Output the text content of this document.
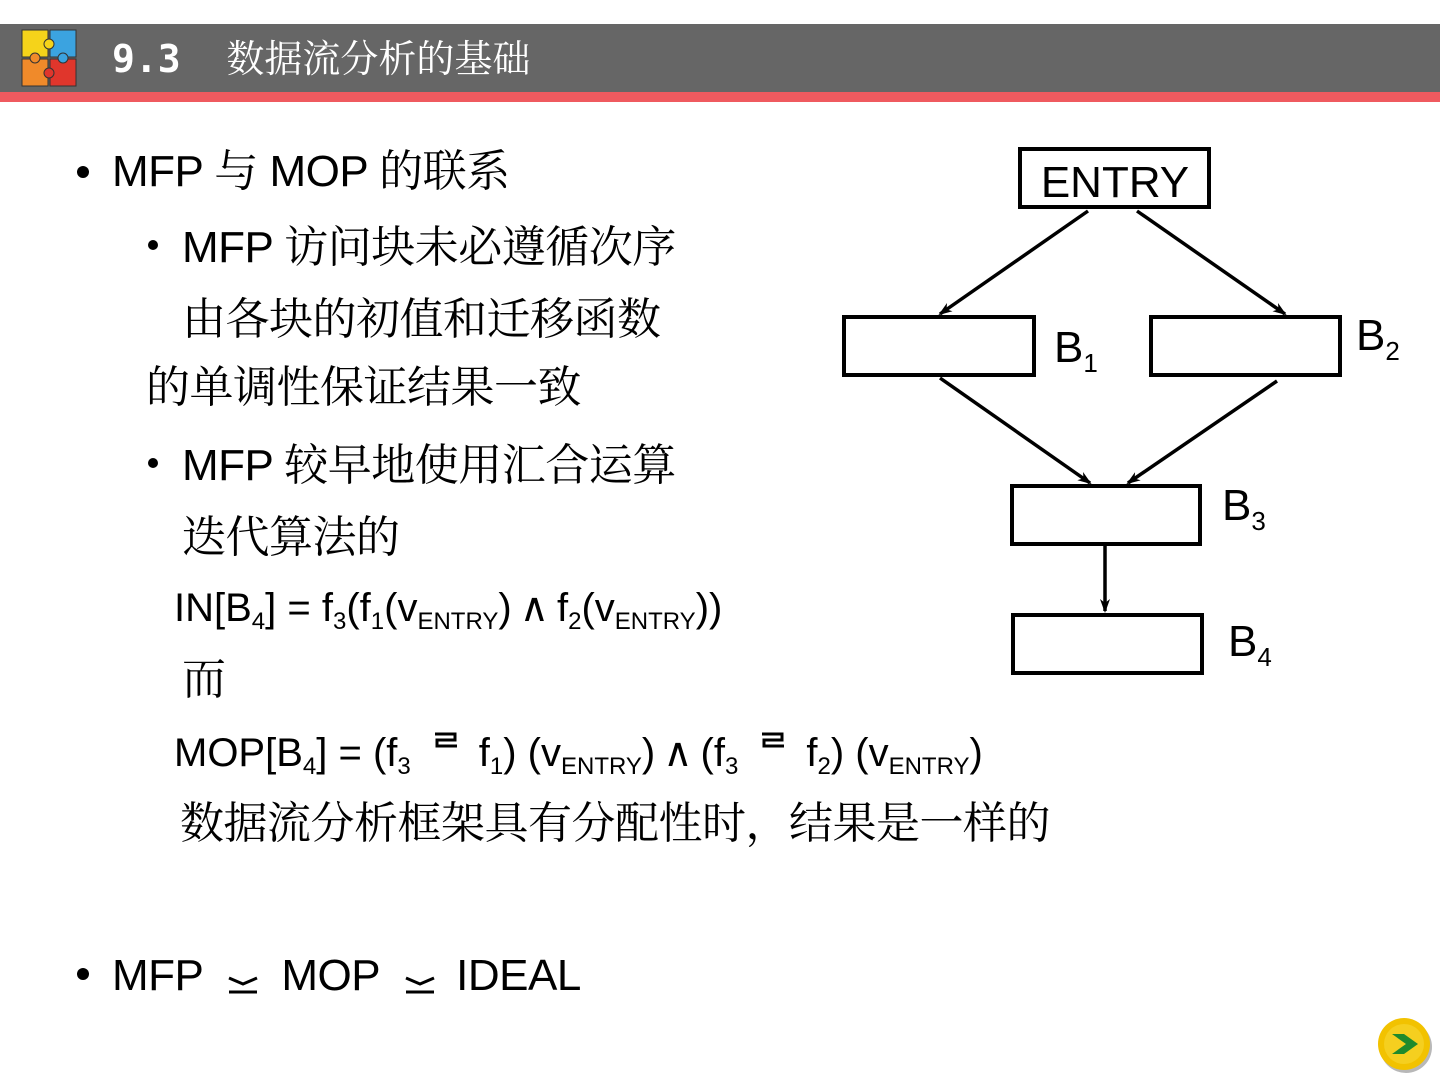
9.3 数据流分析的基础
MFP 与 MOP 的联系
MFP 访问块未必遵循次序
由各块的初值和迁移函数
的单调性保证结果一致
MFP 较早地使用汇合运算
迭代算法的
$IN[B_4] = f_3(f_1(v_{ENTRY})$ ∧ $f_2(v_{ENTRY})$)
而
$MOP[B_4] = (f_3$ $f_1$) $(v_{ENTRY})$ ∧ ($f_3$ $f_2$) $(v_{ENTRY})$
数据流分析框架具有分配性时，结果是一样的
MFP MOP IDEAL
ENTRY
$B_1$
$B_2$
$B_3$
$B_4$
